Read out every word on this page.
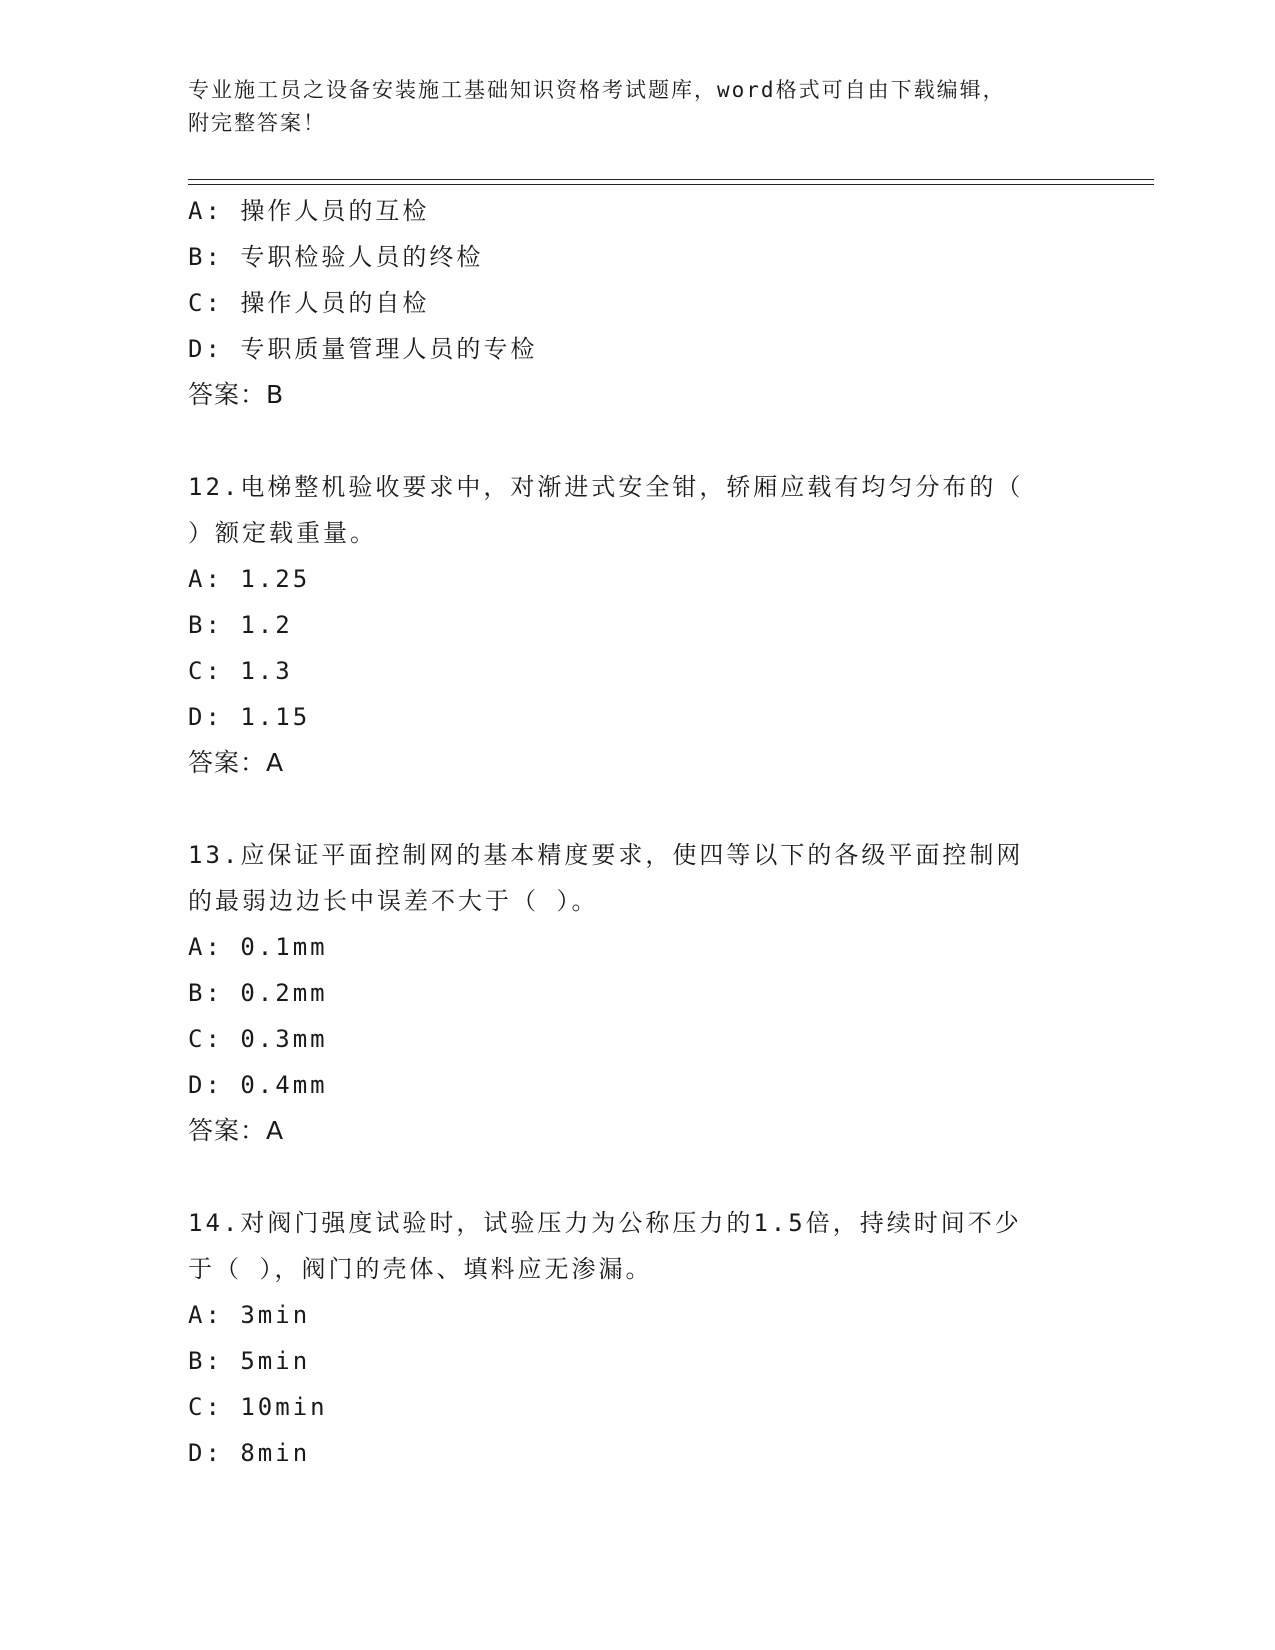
专业施工员之设备安装施工基础知识资格考试题库，word格式可自由下载编辑，
附完整答案！
A: 操作人员的互检
B: 专职检验人员的终检
C: 操作人员的自检
D: 专职质量管理人员的专检
答案：B
12.电梯整机验收要求中，对渐进式安全钳，轿厢应载有均匀分布的（
）额定载重量。
A: 1.25
B: 1.2
C: 1.3
D: 1.15
答案：A
13.应保证平面控制网的基本精度要求，使四等以下的各级平面控制网
的最弱边边长中误差不大于（ ）。
A: 0.1mm
B: 0.2mm
C: 0.3mm
D: 0.4mm
答案：A
14.对阀门强度试验时，试验压力为公称压力的1.5倍，持续时间不少
于（ ），阀门的壳体、填料应无渗漏。
A: 3min
B: 5min
C: 10min
D: 8min
